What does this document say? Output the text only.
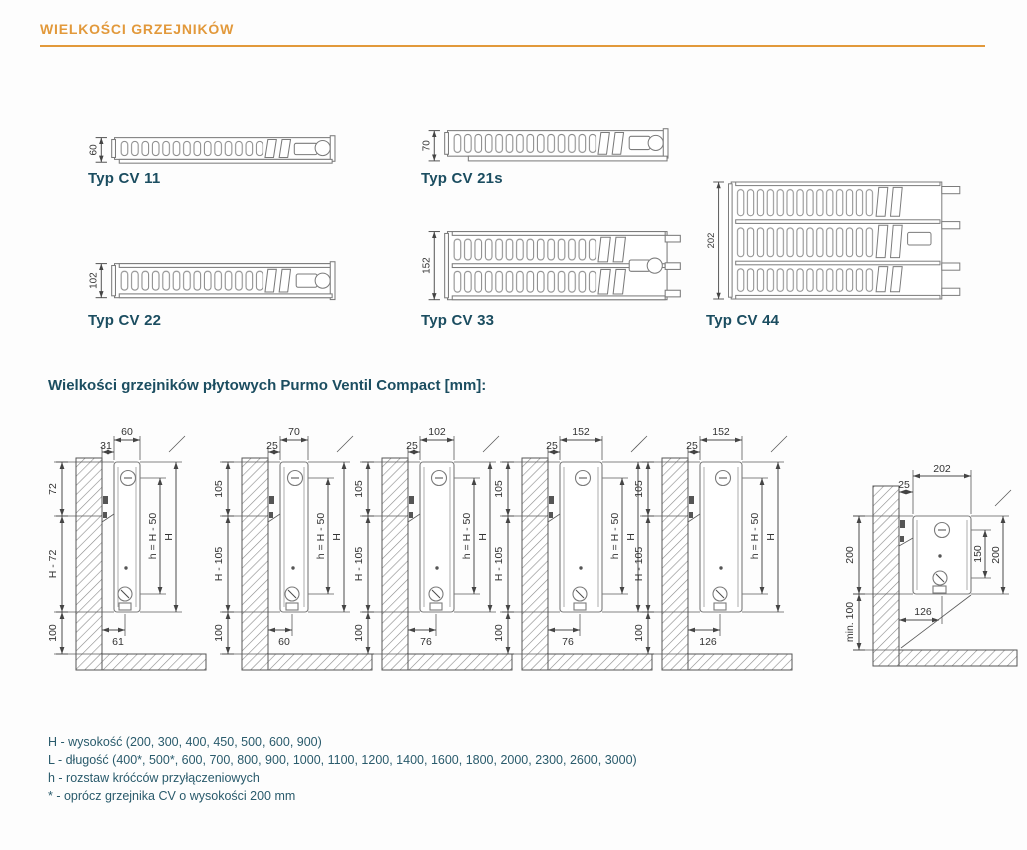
WIELKOŚCI GRZEJNIKÓW
60
Typ CV 11
70
Typ CV 21s
102
Typ CV 22
152
Typ CV 33
202
Typ CV 44
Wielkości grzejników płytowych Purmo Ventil Compact [mm]:
60
31
72
H - 72
100
h = H - 50 H
61
70
25
105
H - 105
100
h = H - 50 H
60
102
25
105
H - 105
100
h = H - 50 H
76
152
25
105
H - 105
100
h = H - 50 H
76
152
25
105
H - 105
100
h = H - 50 H
126
202
25
200
min. 100
150 200
126
H - wysokość (200, 300, 400, 450, 500, 600, 900)
L - długość (400*, 500*, 600, 700, 800, 900, 1000, 1100, 1200, 1400, 1600, 1800, 2000, 2300, 2600, 3000)
h - rozstaw króćców przyłączeniowych
* - oprócz grzejnika CV o wysokości 200 mm
